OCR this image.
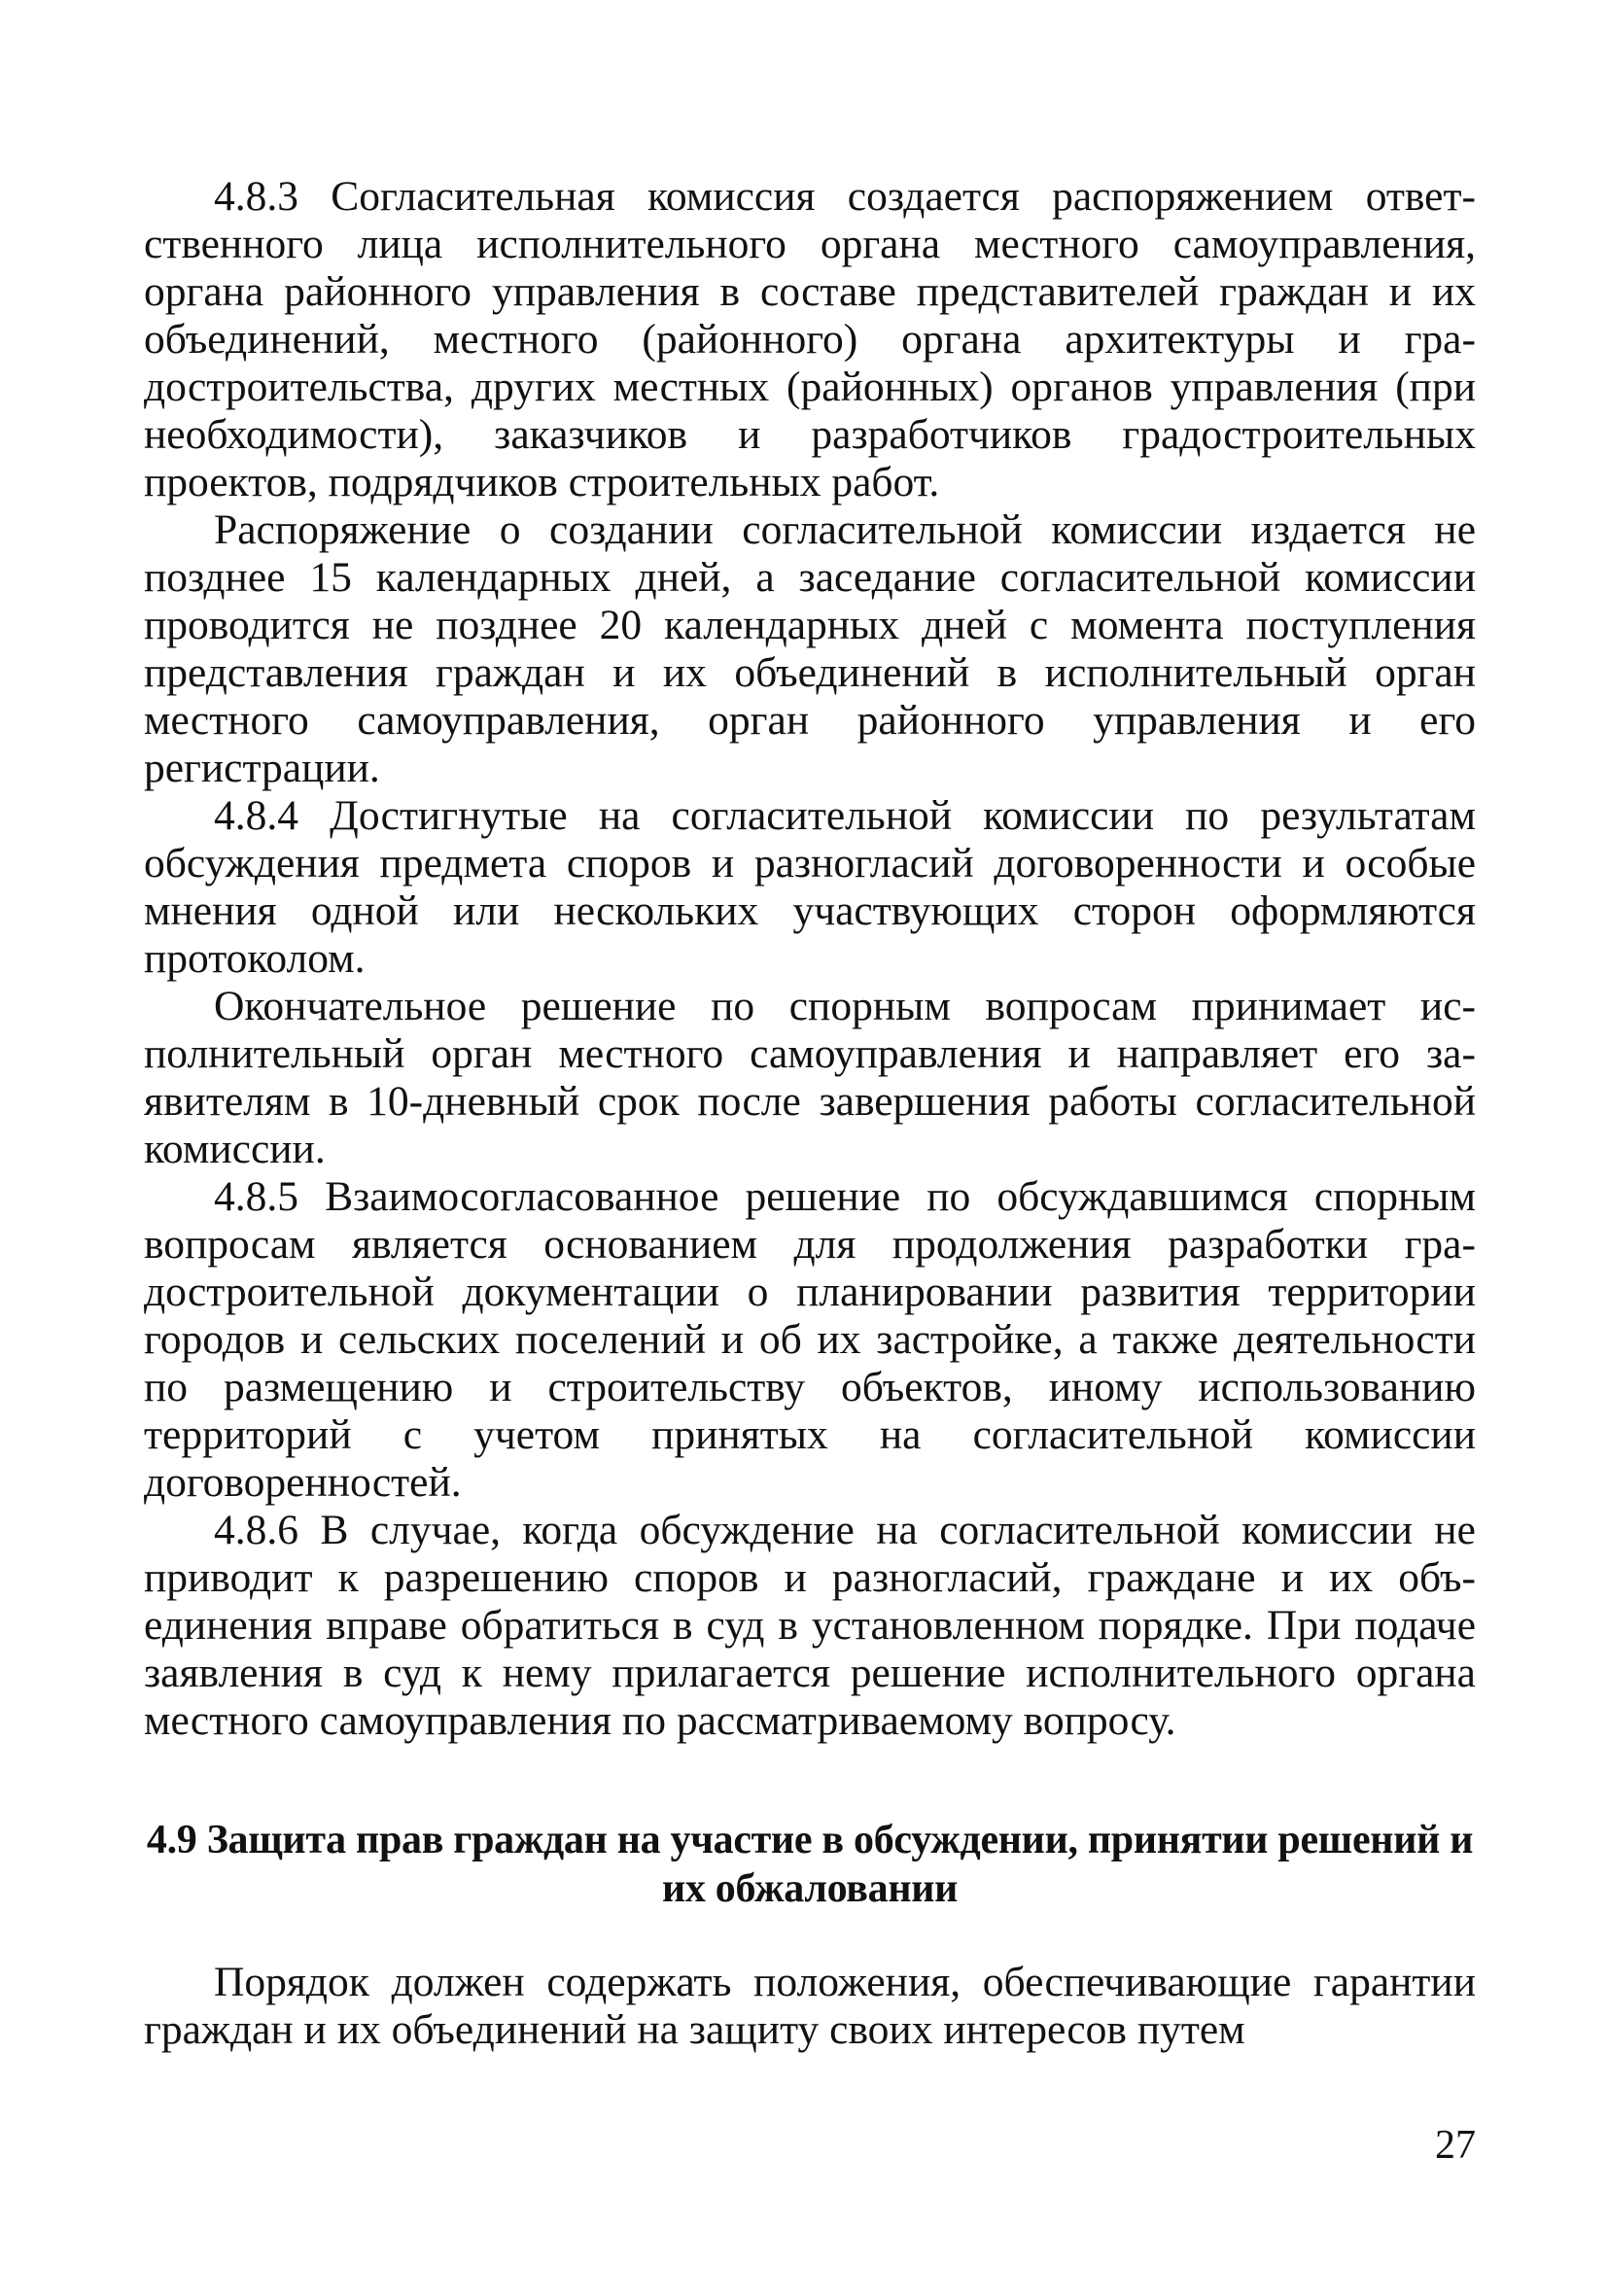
4.8.3 Согласительная комиссия создается распоряжением ответственного лица исполнительного органа местного самоуправления, органа районного управления в составе представителей граждан и их объединений, местного (районного) органа архитектуры и градостроительства, других местных (районных) органов управления (при необходимости), заказчиков и разработчиков градостроительных проектов, подрядчиков строительных работ.

Распоряжение о создании согласительной комиссии издается не позднее 15 календарных дней, а заседание согласительной комиссии проводится не позднее 20 календарных дней с момента поступления представления граждан и их объединений в исполнительный орган местного самоуправления, орган районного управления и его регистрации.

4.8.4 Достигнутые на согласительной комиссии по результатам обсуждения предмета споров и разногласий договоренности и особые мнения одной или нескольких участвующих сторон оформляются протоколом.

Окончательное решение по спорным вопросам принимает исполнительный орган местного самоуправления и направляет его заявителям в 10-дневный срок после завершения работы согласительной комиссии.

4.8.5 Взаимосогласованное решение по обсуждавшимся спорным вопросам является основанием для продолжения разработки градостроительной документации о планировании развития территории городов и сельских поселений и об их застройке, а также деятельности по размещению и строительству объектов, иному использованию территорий с учетом принятых на согласительной комиссии договоренностей.

4.8.6 В случае, когда обсуждение на согласительной комиссии не приводит к разрешению споров и разногласий, граждане и их объединения вправе обратиться в суд в установленном порядке. При подаче заявления в суд к нему прилагается решение исполнительного органа местного самоуправления по рассматриваемому вопросу.

4.9 Защита прав граждан на участие в обсуждении, принятии решений и их обжаловании

Порядок должен содержать положения, обеспечивающие гарантии граждан и их объединений на защиту своих интересов путем

27
